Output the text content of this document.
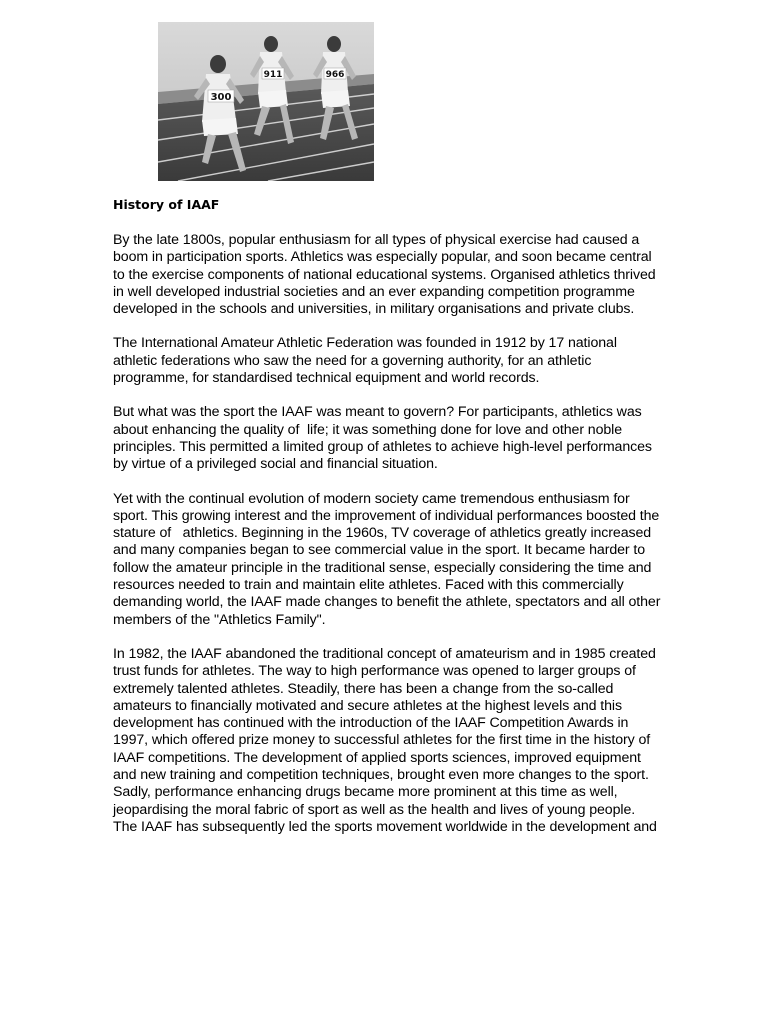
300
911	966
History of IAAF

By the late 1800s, popular enthusiasm for all types of physical exercise had caused a boom in participation sports. Athletics was especially popular, and soon became central to the exercise components of national educational systems. Organised athletics thrived in well developed industrial societies and an ever expanding competition programme developed in the schools and universities, in military organisations and private clubs.

The International Amateur Athletic Federation was founded in 1912 by 17 national athletic federations who saw the need for a governing authority, for an athletic programme, for standardised technical equipment and world records.

But what was the sport the IAAF was meant to govern? For participants, athletics was about enhancing the quality of  life; it was something done for love and other noble principles. This permitted a limited group of athletes to achieve high-level performances by virtue of a privileged social and financial situation.

Yet with the continual evolution of modern society came tremendous enthusiasm for sport. This growing interest and the improvement of individual performances boosted the stature of   athletics. Beginning in the 1960s, TV coverage of athletics greatly increased and many companies began to see commercial value in the sport. It became harder to follow the amateur principle in the traditional sense, especially considering the time and resources needed to train and maintain elite athletes. Faced with this commercially demanding world, the IAAF made changes to benefit the athlete, spectators and all other members of the "Athletics Family".

In 1982, the IAAF abandoned the traditional concept of amateurism and in 1985 created trust funds for athletes. The way to high performance was opened to larger groups of extremely talented athletes. Steadily, there has been a change from the so-called amateurs to financially motivated and secure athletes at the highest levels and this development has continued with the introduction of the IAAF Competition Awards in 1997, which offered prize money to successful athletes for the first time in the history of IAAF competitions. The development of applied sports sciences, improved equipment and new training and competition techniques, brought even more changes to the sport. Sadly, performance enhancing drugs became more prominent at this time as well, jeopardising the moral fabric of sport as well as the health and lives of young people. The IAAF has subsequently led the sports movement worldwide in the development and
